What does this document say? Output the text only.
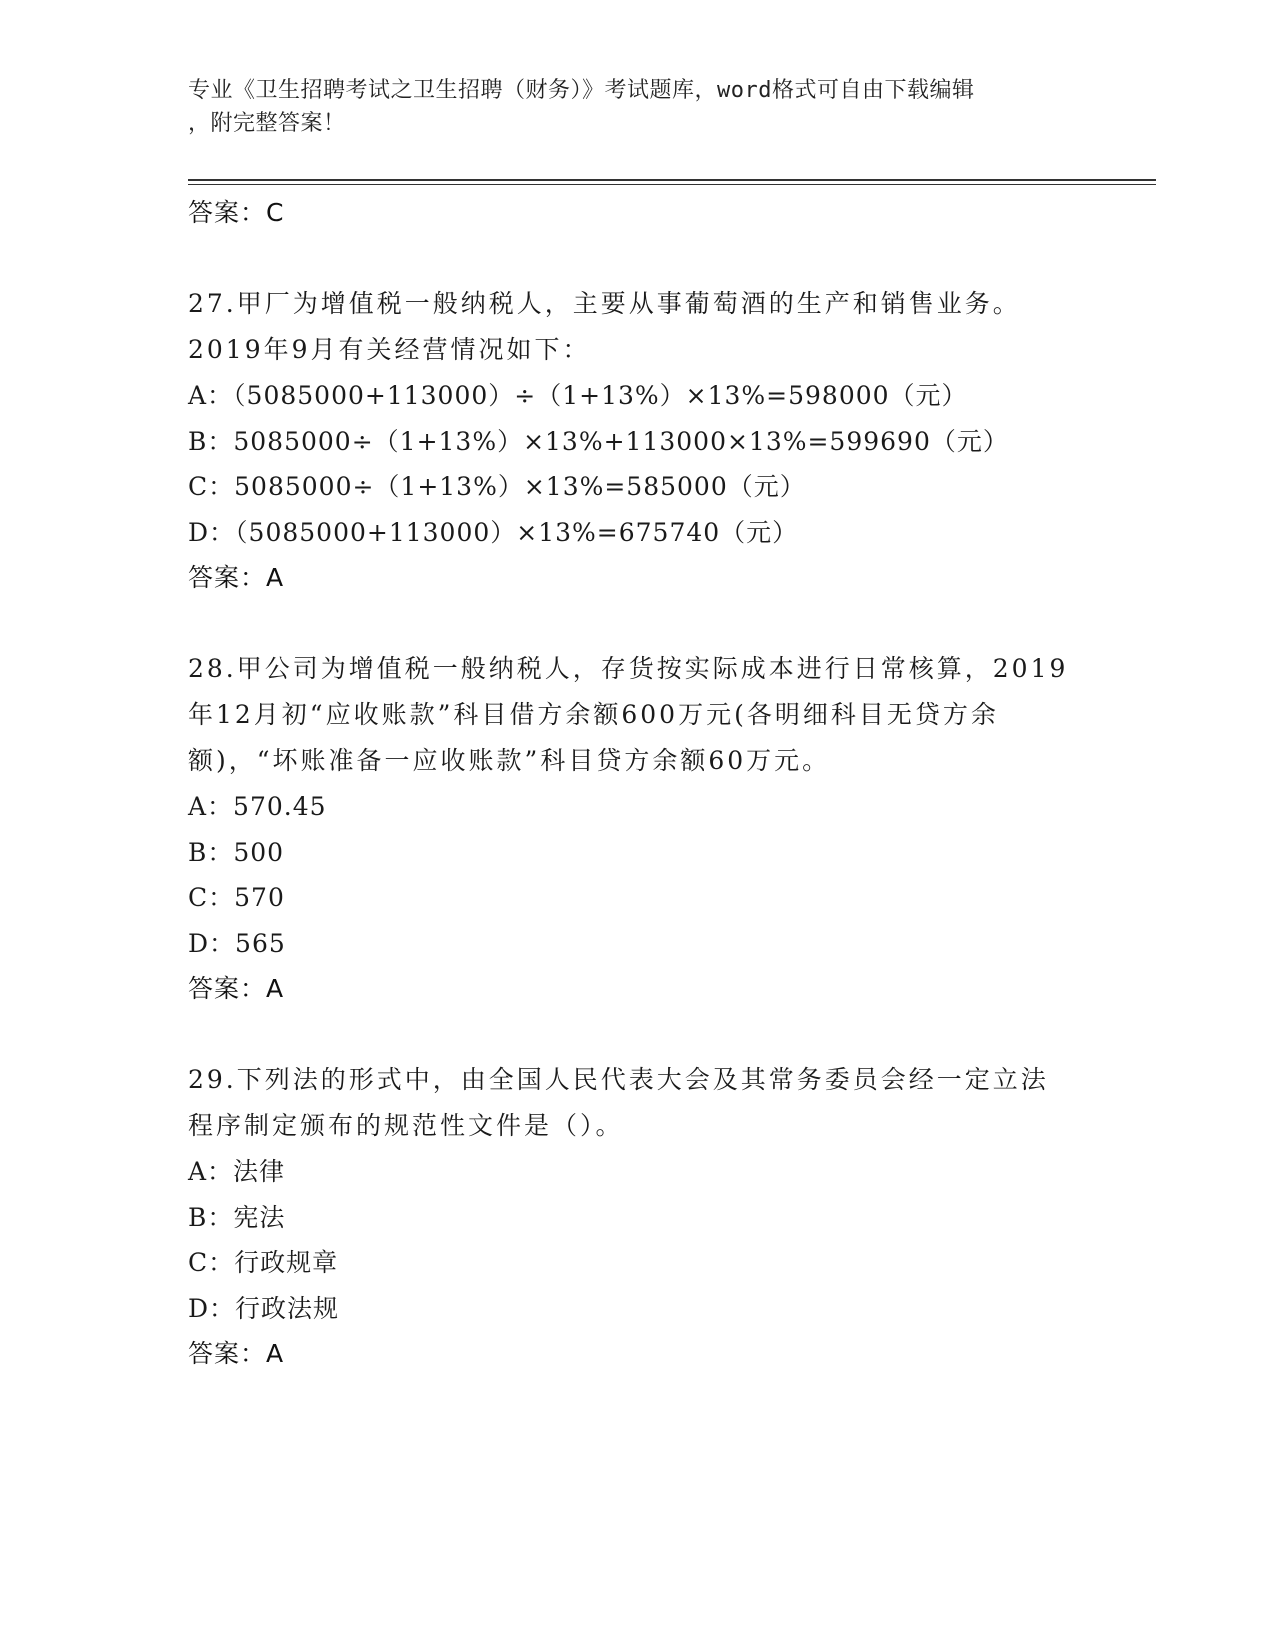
专业《卫生招聘考试之卫生招聘（财务）》考试题库，word格式可自由下载编辑
，附完整答案！
答案：C
27.甲厂为增值税一般纳税人，主要从事葡萄酒的生产和销售业务。
2019年9月有关经营情况如下：
A：（5085000+113000）÷（1+13%）×13%=598000（元）
B：5085000÷（1+13%）×13%+113000×13%=599690（元）
C：5085000÷（1+13%）×13%=585000（元）
D：（5085000+113000）×13%=675740（元）
答案：A
28.甲公司为增值税一般纳税人，存货按实际成本进行日常核算，2019
年12月初“应收账款”科目借方余额600万元(各明细科目无贷方余
额)，“坏账准备一应收账款”科目贷方余额60万元。
A：570.45
B：500
C：570
D：565
答案：A
29.下列法的形式中，由全国人民代表大会及其常务委员会经一定立法
程序制定颁布的规范性文件是（）。
A：法律
B：宪法
C：行政规章
D：行政法规
答案：A
